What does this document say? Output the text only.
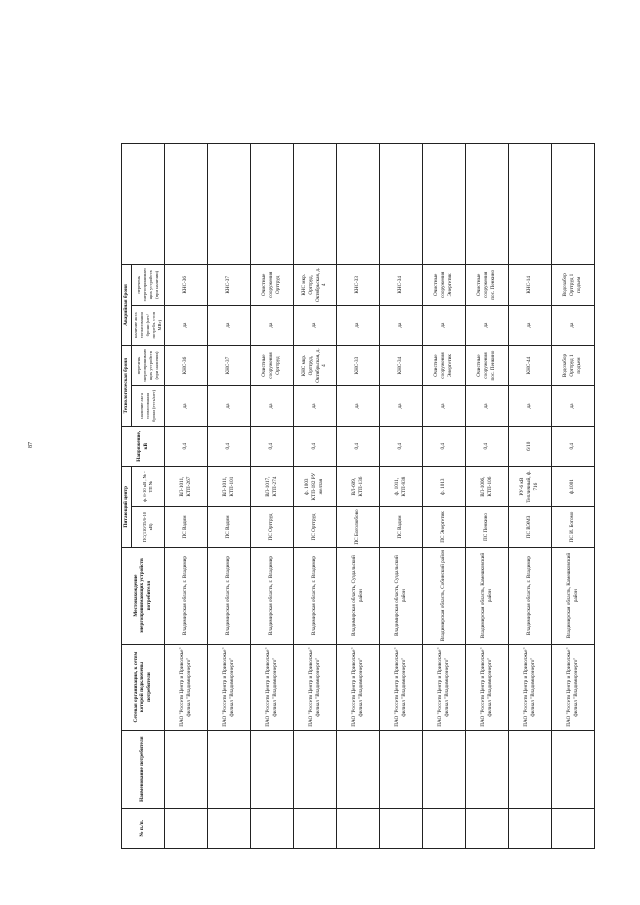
87
№ п./п.	Наименование потребителя	Сетевая организация, к сетям которой подключены потребители	Местонахождение энергопринимающих устройств потребителя	Питающий центр		Напряжение, кВ	Технологическая броня		Аварийная броня		
				ПС(110/35/6-10 кВ)	ф. 6-10 кВ , № - ТП №		наличие акта согласования брони (есть/нет)	перечень энергопринимающих устройств (при наличии)	наличие акта согласования брони (нет/потребл. стоп МВт)	перечень энергопринимающих устройств (при наличии)	

		ПАО "Россети Центр и Приволжье" филиал "Владимирэнерго"	Владимирская область, г. Владимир	ПС Вадим	ВЛ-1011, КТП-267	0,4	да	КНС-36	да	КНС-36	
		ПАО "Россети Центр и Приволжье" филиал "Владимирэнерго"	Владимирская область, г. Владимир	ПС Вадим	ВЛ-1011, КТП-101	0,4	да	КНС-37	да	КНС-37	
		ПАО "Россети Центр и Приволжье" филиал "Владимирэнерго"	Владимирская область, г. Владимир	ПС Орттруд	ВЛ-1017, КТП-274	0,4	да	Очистные сооружения Орттруд	да	Очистные сооружения Орттруд	
		ПАО "Россети Центр и Приволжье" филиал "Владимирэнерго"	Владимирская область, г. Владимир	ПС Орттруд	ф. 1003 КТП-182 РУ желтая	0,4	да	КНС мкр. Орттруд, Октябрьская, д. 4	да	КНС мкр. Орттруд, Октябрьская, д. 4	
		ПАО "Россети Центр и Приволжье" филиал "Владимирэнерго"	Владимирская область, Суздальский район	ПС Боголюбово	ВЛ-609, КТП-136	0,4	да	КНС-33	да	КНС-33	
		ПАО "Россети Центр и Приволжье" филиал "Владимирэнерго"	Владимирская область, Суздальский район	ПС Вадим	ф. 1011, КТП-838	0,4	да	КНС-34	да	КНС-34	
		ПАО "Россети Центр и Приволжье" филиал "Владимирэнерго"	Владимирская область, Собинский район	ПС Энергетик	ф. 1013	0,4	да	Очистные сооружения Энергетик	да	Очистные сооружения Энергетик	
		ПАО "Россети Центр и Приволжье" филиал "Владимирэнерго"	Владимирская область, Камешковский район	ПС Пенкино	ВЛ-1006, КТП-106	0,4	да	Очистные сооружения пос. Пенкино	да	Очистные сооружения пос. Пенкино	
		ПАО "Россети Центр и Приволжье" филиал "Владимирэнерго"	Владимирская область, г. Владимир	ПС ВЭМЗ	РУ-6 кВ Тепличный, ф. 716	6/10	да	КНС-44	да	КНС-14	
		ПАО "Россети Центр и Приволжье" филиал "Владимирэнерго"	Владимирская область, Камешковский район	ПС И. Богомо	ф.1001	0,4	да	Водозабор Орттруд 1 подъем	да	Водозабор Орттруд 1 подъем	
